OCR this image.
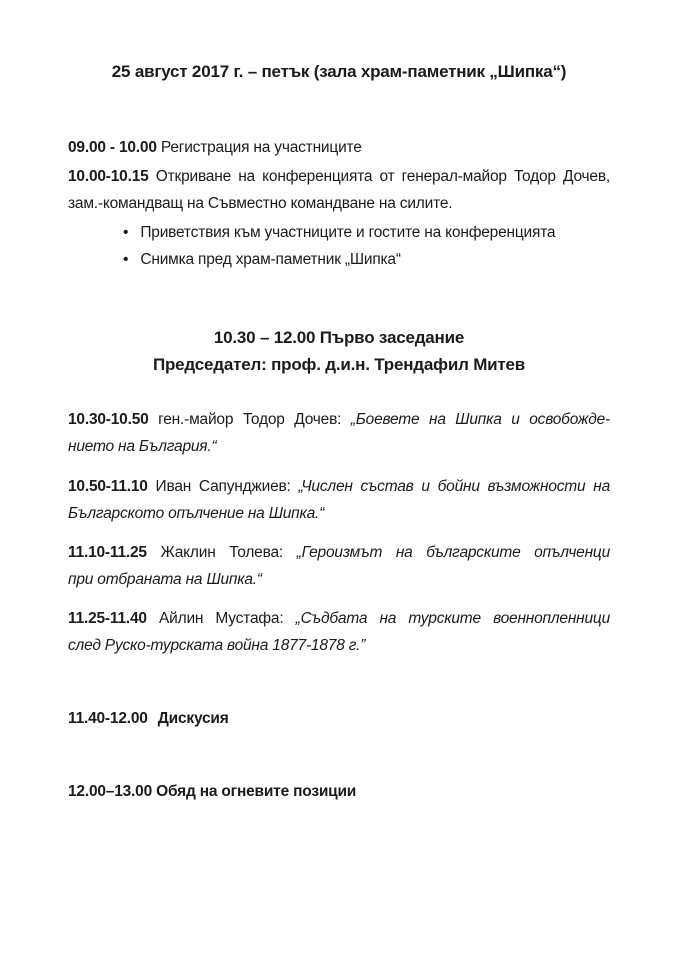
25 август 2017 г. – петък (зала храм-паметник „Шипка“)
09.00 - 10.00 Регистрация на участниците
10.00-10.15 Откриване на конференцията от генерал-майор Тодор Дочев,
зам.-командващ на Съвместно командване на силите.
• Приветствия към участниците и гостите на конференцията
• Снимка пред храм-паметник „Шипка“
10.30 – 12.00 Първо заседание
Председател: проф. д.и.н. Трендафил Митев
10.30-10.50 ген.-майор Тодор Дочев: „Боевете на Шипка и освобожде-
нието на България.“
10.50-11.10 Иван Сапунджиев: „Числен състав и бойни възможности на
Българското опълчение на Шипка.“
11.10-11.25 Жаклин Толева: „Героизмът на българските опълченци
при отбраната на Шипка.“
11.25-11.40 Айлин Мустафа: „Съдбата на турските военнопленници
след Руско-турската война 1877-1878 г.”
11.40-12.00 Дискусия
12.00–13.00 Обяд на огневите позиции
